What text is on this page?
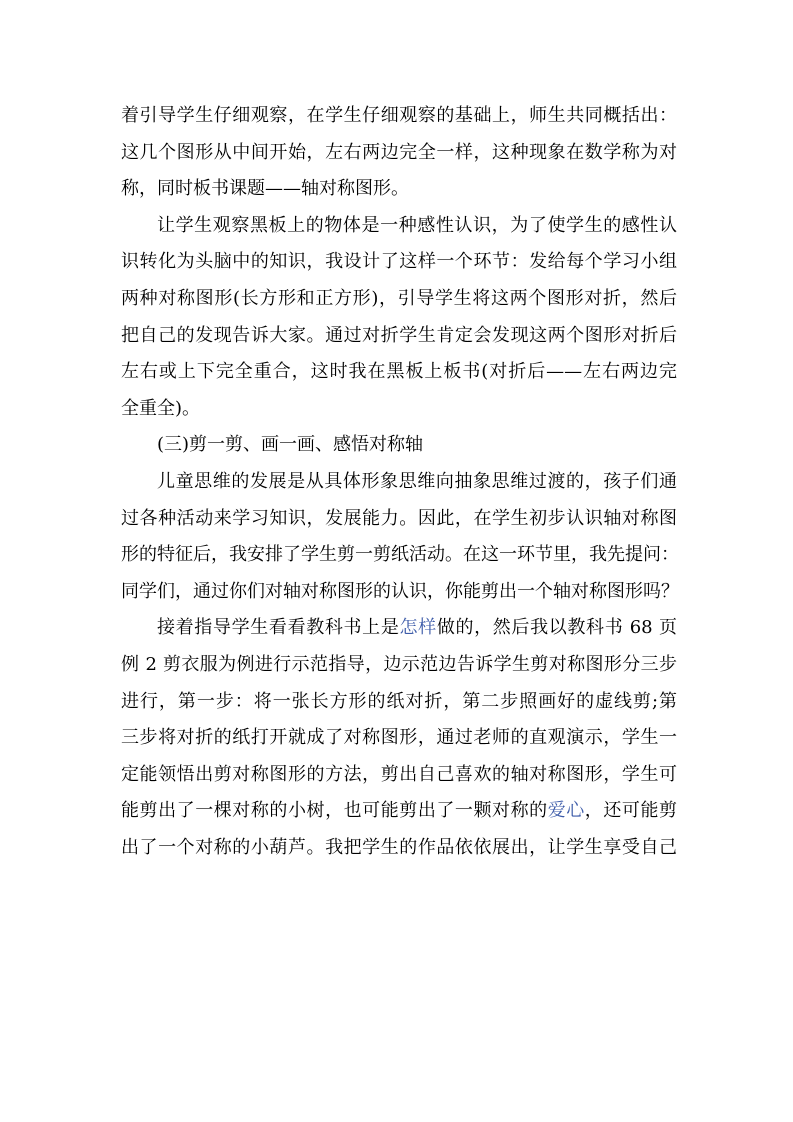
着引导学生仔细观察，在学生仔细观察的基础上，师生共同概括出：
这几个图形从中间开始，左右两边完全一样，这种现象在数学称为对
称，同时板书课题——轴对称图形。
让学生观察黑板上的物体是一种感性认识，为了使学生的感性认
识转化为头脑中的知识，我设计了这样一个环节：发给每个学习小组
两种对称图形(长方形和正方形)，引导学生将这两个图形对折，然后
把自己的发现告诉大家。通过对折学生肯定会发现这两个图形对折后
左右或上下完全重合，这时我在黑板上板书(对折后——左右两边完
全重全)。
(三)剪一剪、画一画、感悟对称轴
儿童思维的发展是从具体形象思维向抽象思维过渡的，孩子们通
过各种活动来学习知识，发展能力。因此，在学生初步认识轴对称图
形的特征后，我安排了学生剪一剪纸活动。在这一环节里，我先提问：
同学们，通过你们对轴对称图形的认识，你能剪出一个轴对称图形吗？
接着指导学生看看教科书上是怎样做的，然后我以教科书 68 页
例 2 剪衣服为例进行示范指导，边示范边告诉学生剪对称图形分三步
进行，第一步：将一张长方形的纸对折，第二步照画好的虚线剪;第
三步将对折的纸打开就成了对称图形，通过老师的直观演示，学生一
定能领悟出剪对称图形的方法，剪出自己喜欢的轴对称图形，学生可
能剪出了一棵对称的小树，也可能剪出了一颗对称的爱心，还可能剪
出了一个对称的小葫芦。我把学生的作品依依展出，让学生享受自己
